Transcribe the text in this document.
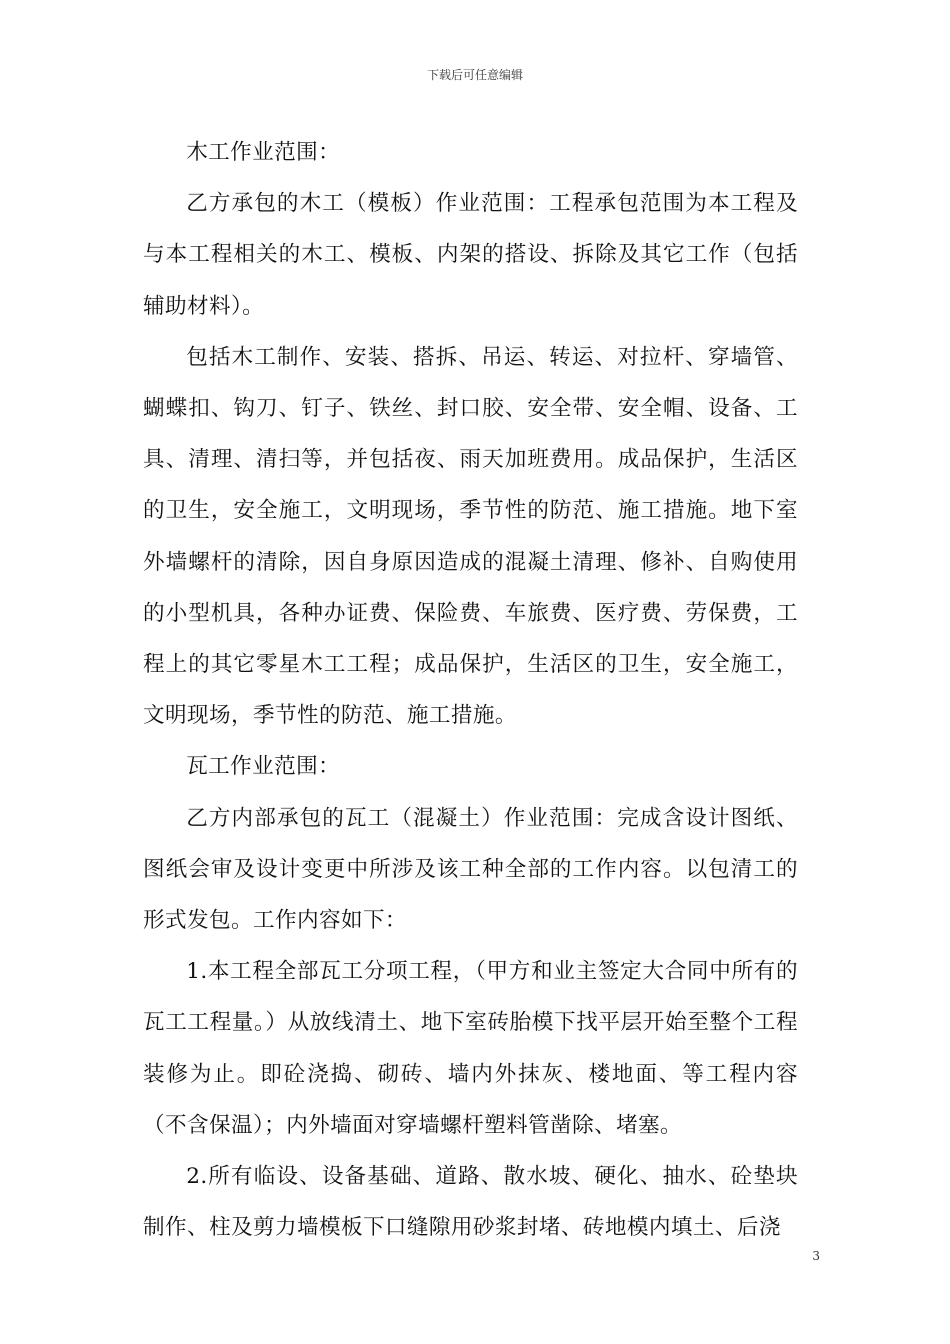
下载后可任意编辑

木工作业范围：

乙方承包的木工（模板）作业范围：工程承包范围为本工程及与本工程相关的木工、模板、内架的搭设、拆除及其它工作（包括辅助材料）。

包括木工制作、安装、搭拆、吊运、转运、对拉杆、穿墙管、蝴蝶扣、钩刀、钉子、铁丝、封口胶、安全带、安全帽、设备、工具、清理、清扫等，并包括夜、雨天加班费用。成品保护，生活区的卫生，安全施工，文明现场，季节性的防范、施工措施。地下室外墙螺杆的清除，因自身原因造成的混凝土清理、修补、自购使用的小型机具，各种办证费、保险费、车旅费、医疗费、劳保费，工程上的其它零星木工工程；成品保护，生活区的卫生，安全施工，文明现场，季节性的防范、施工措施。

瓦工作业范围：

乙方内部承包的瓦工（混凝土）作业范围：完成含设计图纸、图纸会审及设计变更中所涉及该工种全部的工作内容。以包清工的形式发包。工作内容如下：

1.本工程全部瓦工分项工程，（甲方和业主签定大合同中所有的瓦工工程量。）从放线清土、地下室砖胎模下找平层开始至整个工程装修为止。即砼浇捣、砌砖、墙内外抹灰、楼地面、等工程内容（不含保温）；内外墙面对穿墙螺杆塑料管凿除、堵塞。

2.所有临设、设备基础、道路、散水坡、硬化、抽水、砼垫块制作、柱及剪力墙模板下口缝隙用砂浆封堵、砖地模内填土、后浇

3
